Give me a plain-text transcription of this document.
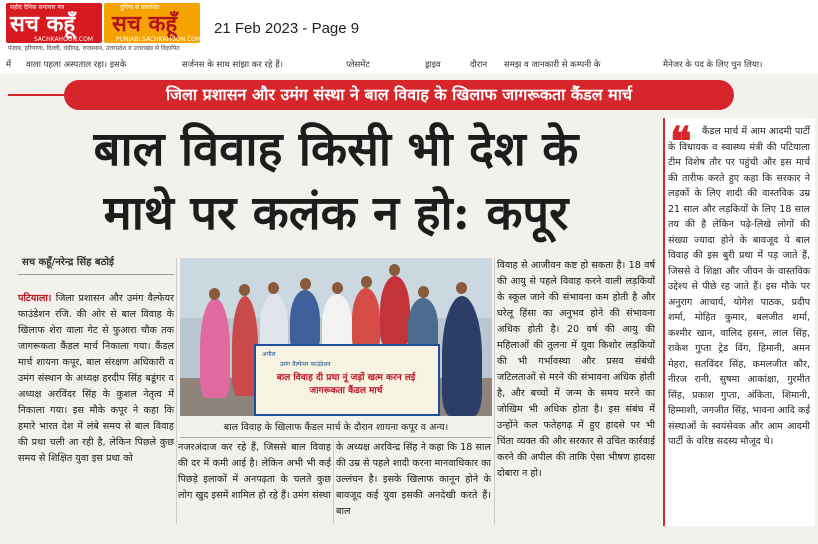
सहीद दैनिक समाचार पत्र
सच कहूँ
SACHKAHOON.COM
दुनिया से प्रकाशित
सच कहूँ
PUNJABI.SACHKAHOON.COM
पंजाब, हरियाणा, दिल्ली, चंडीगढ़, राजस्थान, उत्तरप्रदेश व उत्तराखंड से विज्ञापित
21 Feb 2023 - Page 9
में वाला पहला अस्पताल रहा। इसके	सर्जनस के साथ सांझा कर रहे हैं।	प्लेसमेंट	ड्राइव	दौरान समझ व जानकारी से कम्पनी के	मैनेजर के पद के लिए चुन लिया।
जिला प्रशासन और उमंग संस्था ने बाल विवाह के खिलाफ जागरूकता कैंडल मार्च
बाल विवाह किसी भी देश के
माथे पर कलंक न हो: कपूर
❝	कैंडल मार्च में आम आदमी पार्टी के विधायक व स्वास्थ्य मंत्री की पटियाला टीम विशेष तौर पर पहुंची और इस मार्च की तारीफ करते हुए कहा कि सरकार ने लड़कों के लिए शादी की वास्तविक उम्र 21 साल और लड़कियों के लिए 18 साल तय की है लेकिन पढ़े-लिखे लोगों की संख्या ज्यादा होने के बावजूद ये बाल विवाह की इस बुरी प्रथा में पड़ जाते हैं, जिससे वे शिक्षा और जीवन के वास्तविक उद्देश्य से पीछे रह जाते हैं। इस मौके पर अनुराग आचार्य, योगेश पाठक, प्रदीप शर्मा, मोहित कुमार, बलजीत शर्मा, कश्मीर खान, वालिद हसन, लाल सिंह, राकेश गुप्ता ट्रेड विंग, हिमानी, अमन मेहरा, सतविंदर सिंह, कमलजीत कौर, नीरज रानी, सुषमा आकांक्षा, गुरमीत सिंह, प्रकाश गुप्ता, अंकिता, शिमानी, हिम्माशी, जगजीत सिंह, भावना आदि कई संस्थाओं के स्वयंसेवक और आम आदमी पार्टी के वरिष्ठ सदस्य मौजूद थे।
सच कहूँ/नरेन्द्र सिंह बठोई
पटियाला। जिला प्रशासन और उमंग वैल्फेयर फाउंडेशन रजि. की ओर से बाल विवाह के खिलाफ शेरा वाला गेट से फुआरा चौक तक जागरूकता कैंडल मार्च निकाला गया। कैंडल मार्च शायना कपूर, बाल संरक्षण अधिकारी व उमंग संस्थान के अध्यक्ष हरदीप सिंह बडूंगर व अध्यक्ष अरविंदर सिंह के कुशल नेतृत्व में निकाला गया। इस मौके कपूर ने कहा कि हमारे भारत देश में लंबे समय से बाल विवाह की प्रथा चली आ रही है, लेकिन पिछले कुछ समय से शिक्षित युवा इस प्रथा को
अपील
उमंग वैल्फेयर फाउंडेशन
बाल विवाह दी प्रथा नूं जड़ों खत्म करन लई जागरूकता कैंडल मार्च
बाल विवाह के खिलाफ कैंडल मार्च के दौरान शायना कपूर व अन्य।
नजरअंदाज कर रहे हैं, जिससे बाल विवाह की दर में कमी आई है। लेकिन अभी भी कई पिछड़े इलाकों में अनपढ़ता के चलते कुछ लोग खुद इसमें शामिल हो रहे हैं। उमंग संस्था
के अध्यक्ष अरविन्द्र सिंह ने कहा कि 18 साल की उम्र से पहले शादी करना मानवाधिकार का उल्लंघन है। इसके खिलाफ कानून होने के बावजूद कई युवा इसकी अनदेखी करते हैं। बाल
विवाह से आजीवन कष्ट हो सकता है। 18 वर्ष की आयु से पहले विवाह करने वाली लड़कियों के स्कूल जाने की संभावना कम होती है और घरेलू हिंसा का अनुभव होने की संभावना अधिक होती है। 20 वर्ष की आयु की महिलाओं की तुलना में युवा किशोर लड़कियों की भी गर्भावस्था और प्रसव संबंधी जटिलताओं से मरने की संभावना अधिक होती है, और बच्चों में जन्म के समय मरने का जोखिम भी अधिक होता है। इस संबंध में उन्होंने कल फतेहगढ़ में हुए हादसे पर भी चिंता व्यक्त की और सरकार से उचित कार्रवाई करने की अपील की ताकि ऐसा भीषण हादसा दोबारा न हो।
